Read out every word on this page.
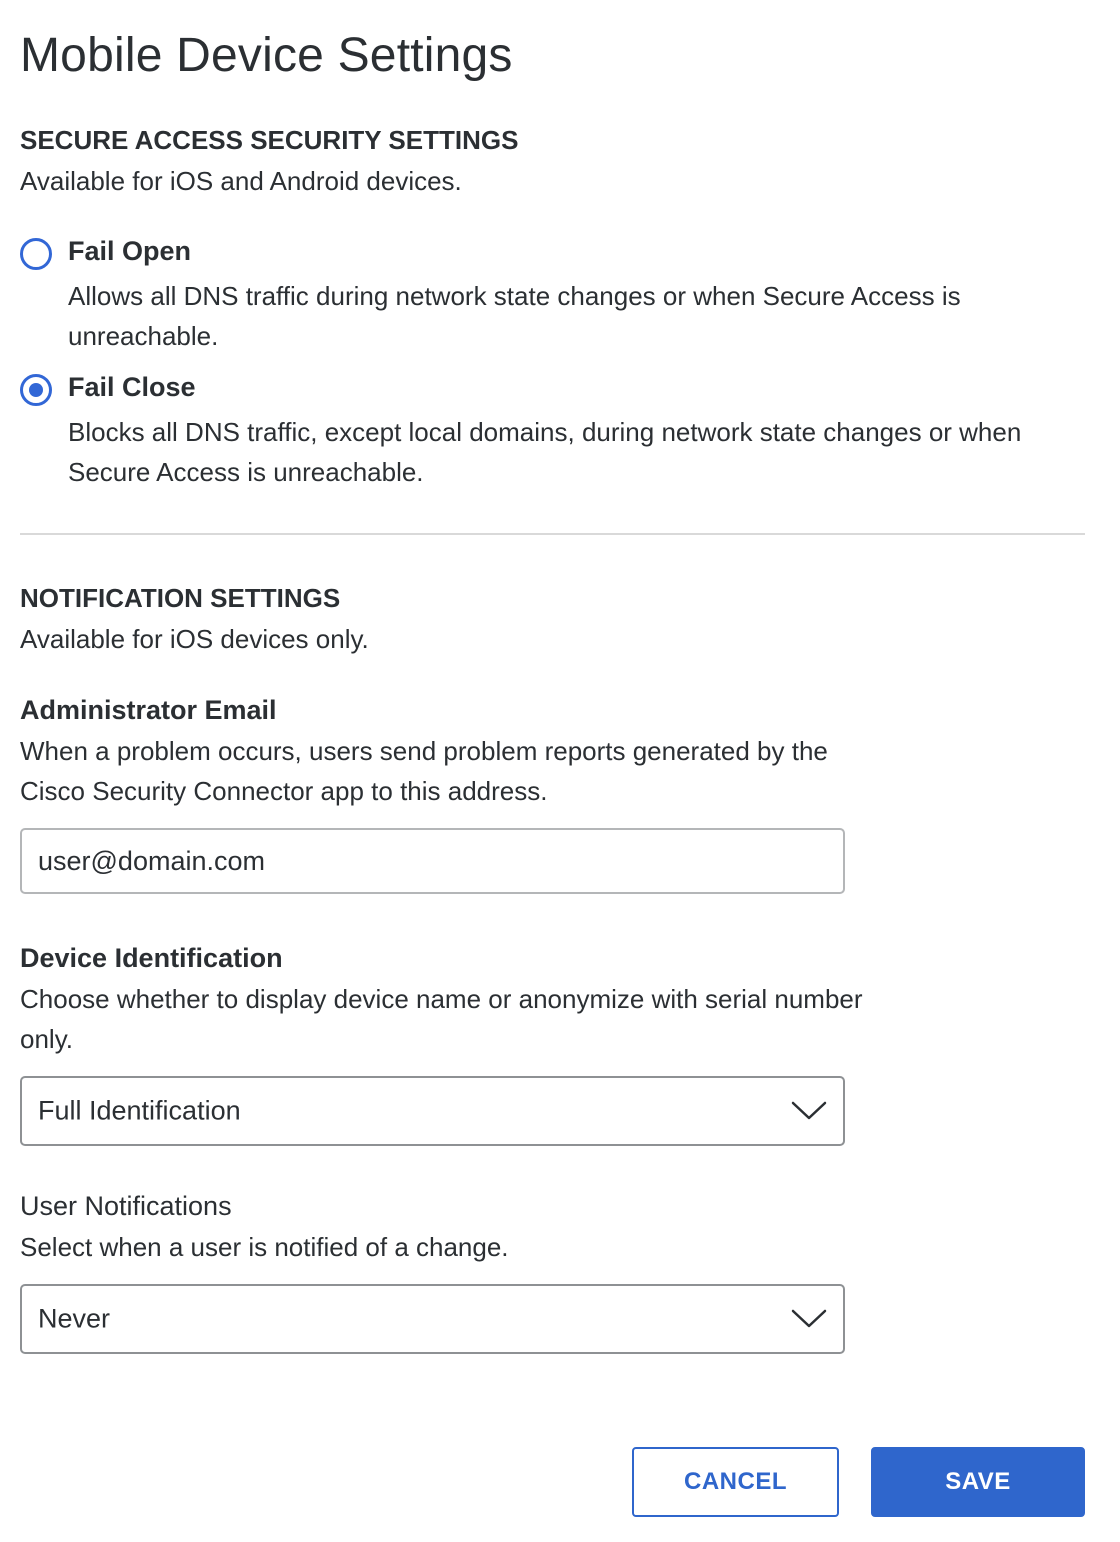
Mobile Device Settings
SECURE ACCESS SECURITY SETTINGS
Available for iOS and Android devices.
Fail Open
Allows all DNS traffic during network state changes or when Secure Access is unreachable.
Fail Close
Blocks all DNS traffic, except local domains, during network state changes or when Secure Access is unreachable.
NOTIFICATION SETTINGS
Available for iOS devices only.
Administrator Email
When a problem occurs, users send problem reports generated by the Cisco Security Connector app to this address.
user@domain.com
Device Identification
Choose whether to display device name or anonymize with serial number only.
Full Identification
User Notifications
Select when a user is notified of a change.
Never
CANCEL	SAVE
